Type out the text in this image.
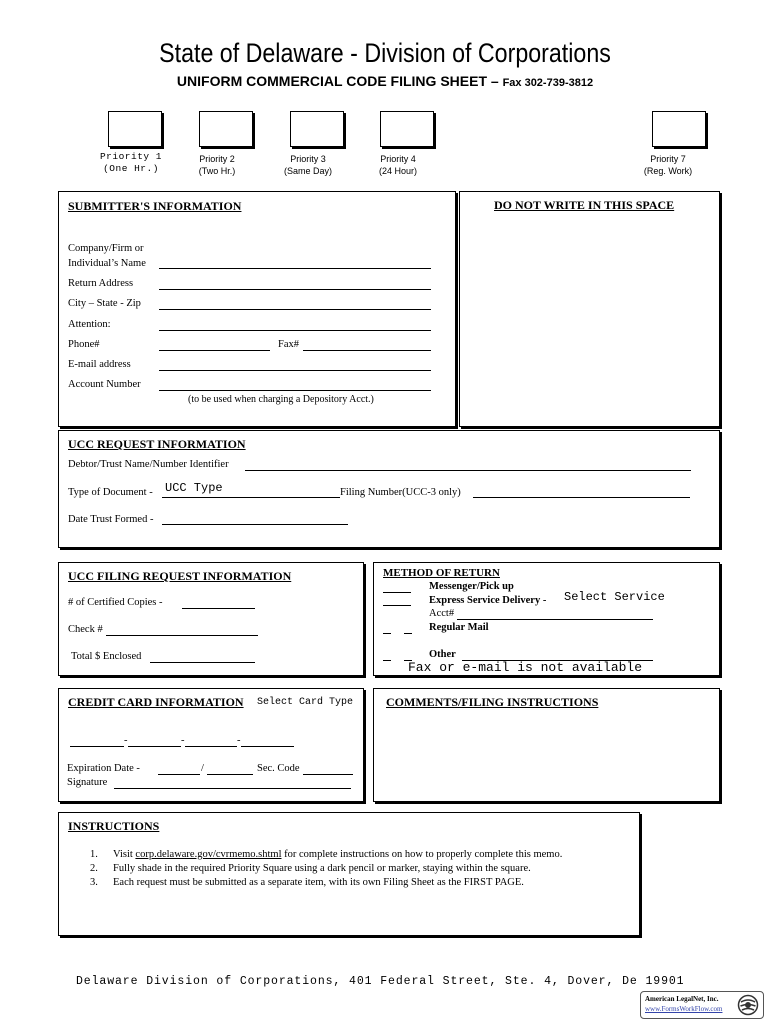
State of Delaware - Division of Corporations
UNIFORM COMMERCIAL CODE FILING SHEET – Fax 302-739-3812
Priority 1
(One Hr.)
Priority 2
(Two Hr.)
Priority 3
(Same Day)
Priority 4
(24 Hour)
Priority 7
(Reg. Work)
SUBMITTER'S INFORMATION
Company/Firm or
Individual’s Name
Return Address
City – State - Zip
Attention:
Phone#	Fax#
E-mail address
Account Number
(to be used when charging a Depository Acct.)
DO NOT WRITE IN THIS SPACE
UCC REQUEST INFORMATION
Debtor/Trust Name/Number Identifier
Type of Document - UCC Type	Filing Number(UCC-3 only)
Date Trust Formed -
UCC FILING REQUEST INFORMATION
# of Certified Copies -
Check #
Total $ Enclosed
METHOD OF RETURN
Messenger/Pick up
Express Service Delivery - Select Service
Acct#
Regular Mail
Other
Fax or e-mail is not available
CREDIT CARD INFORMATION Select Card Type
-	-	-
Expiration Date -	/	Sec. Code
Signature
COMMENTS/FILING INSTRUCTIONS
INSTRUCTIONS
1. Visit corp.delaware.gov/cvrmemo.shtml for complete instructions on how to properly complete this memo.
2. Fully shade in the required Priority Square using a dark pencil or marker, staying within the square.
3. Each request must be submitted as a separate item, with its own Filing Sheet as the FIRST PAGE.
Delaware Division of Corporations, 401 Federal Street, Ste. 4, Dover, De 19901
American LegalNet, Inc.
www.FormsWorkFlow.com
